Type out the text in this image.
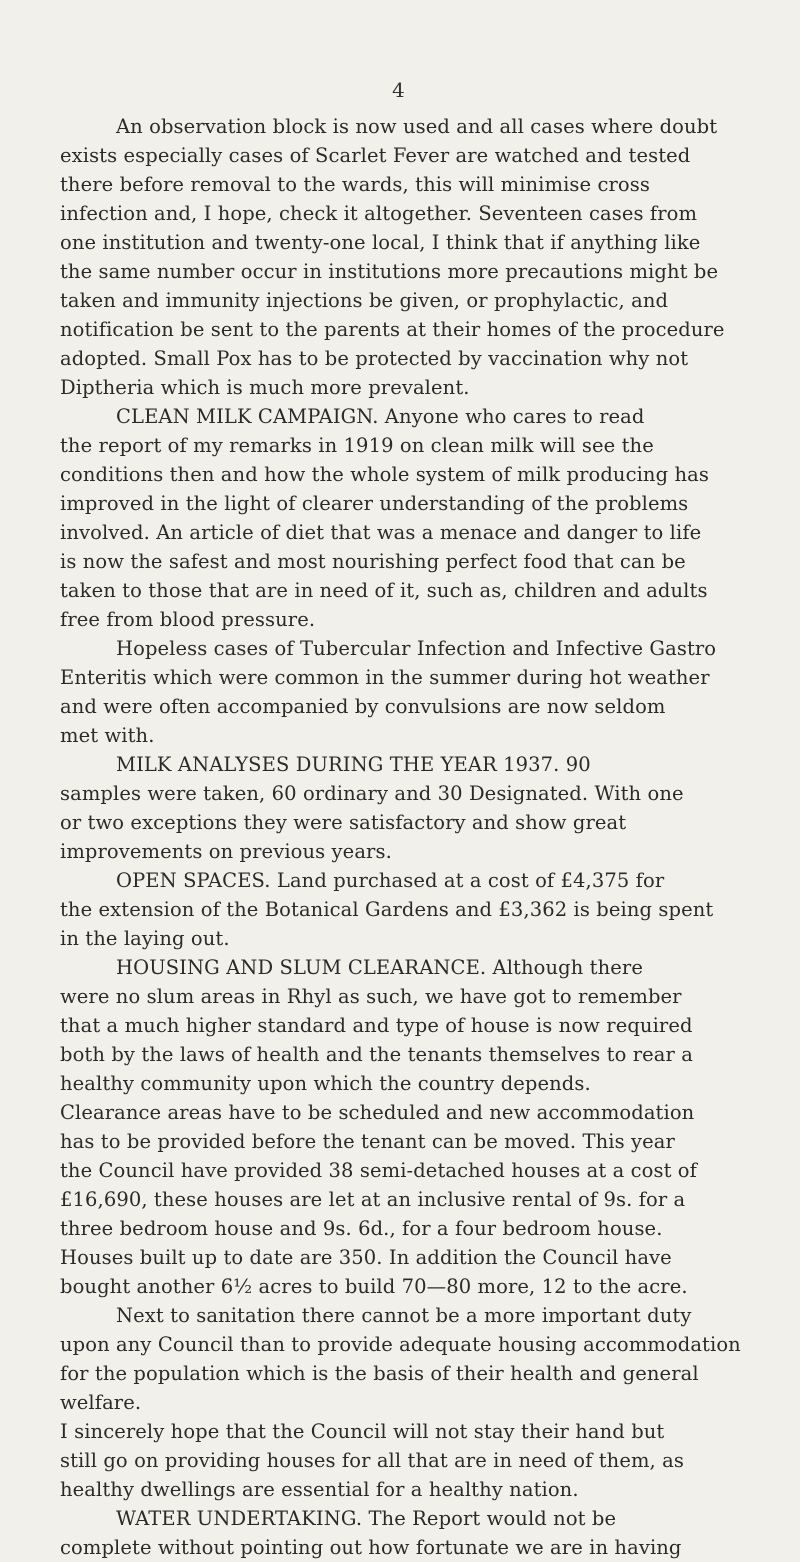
4
An observation block is now used and all cases where doubt
exists especially cases of Scarlet Fever are watched and tested
there before removal to the wards, this will minimise cross
infection and, I hope, check it altogether. Seventeen cases from
one institution and twenty-one local, I think that if anything like
the same number occur in institutions more precautions might be
taken and immunity injections be given, or prophylactic, and
notification be sent to the parents at their homes of the procedure
adopted. Small Pox has to be protected by vaccination why not
Diptheria which is much more prevalent.
CLEAN MILK CAMPAIGN. Anyone who cares to read
the report of my remarks in 1919 on clean milk will see the
conditions then and how the whole system of milk producing has
improved in the light of clearer understanding of the problems
involved. An article of diet that was a menace and danger to life
is now the safest and most nourishing perfect food that can be
taken to those that are in need of it, such as, children and adults
free from blood pressure.
Hopeless cases of Tubercular Infection and Infective Gastro
Enteritis which were common in the summer during hot weather
and were often accompanied by convulsions are now seldom
met with.
MILK ANALYSES DURING THE YEAR 1937. 90
samples were taken, 60 ordinary and 30 Designated. With one
or two exceptions they were satisfactory and show great
improvements on previous years.
OPEN SPACES. Land purchased at a cost of £4,375 for
the extension of the Botanical Gardens and £3,362 is being spent
in the laying out.
HOUSING AND SLUM CLEARANCE. Although there
were no slum areas in Rhyl as such, we have got to remember
that a much higher standard and type of house is now required
both by the laws of health and the tenants themselves to rear a
healthy community upon which the country depends.
Clearance areas have to be scheduled and new accommodation
has to be provided before the tenant can be moved. This year
the Council have provided 38 semi-detached houses at a cost of
£16,690, these houses are let at an inclusive rental of 9s. for a
three bedroom house and 9s. 6d., for a four bedroom house.
Houses built up to date are 350. In addition the Council have
bought another 6½ acres to build 70—80 more, 12 to the acre.
Next to sanitation there cannot be a more important duty
upon any Council than to provide adequate housing accommodation
for the population which is the basis of their health and general
welfare.
I sincerely hope that the Council will not stay their hand but
still go on providing houses for all that are in need of them, as
healthy dwellings are essential for a healthy nation.
WATER UNDERTAKING. The Report would not be
complete without pointing out how fortunate we are in having
